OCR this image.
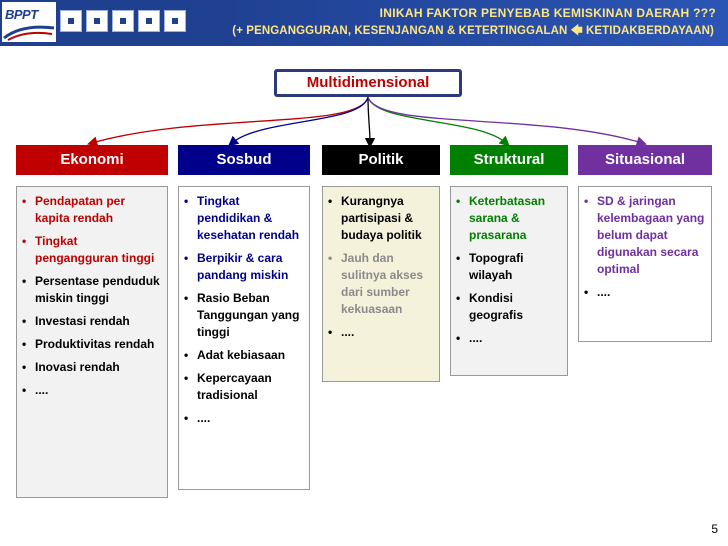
BPPT	INIKAH FAKTOR PENYEBAB KEMISKINAN DAERAH ???
(+ PENGANGGURAN, KESENJANGAN & KETERTINGGALAN 🡄 KETIDAKBERDAYAAN)
Multidimensional
Ekonomi	Sosbud	Politik	Struktural	Situasional
• Pendapatan per kapita rendah
• Tingkat pengangguran tinggi
• Persentase penduduk miskin tinggi
• Investasi rendah
• Produktivitas rendah
• Inovasi rendah
• ....
• Tingkat pendidikan & kesehatan rendah
• Berpikir & cara pandang miskin
• Rasio Beban Tanggungan yang tinggi
• Adat kebiasaan
• Kepercayaan tradisional
• ....
• Kurangnya partisipasi & budaya politik
• Jauh dan sulitnya akses dari sumber kekuasaan
• ....
• Keterbatasan sarana & prasarana
• Topografi wilayah
• Kondisi geografis
• ....
• SD & jaringan kelembagaan yang belum dapat digunakan secara optimal
• ....
5
